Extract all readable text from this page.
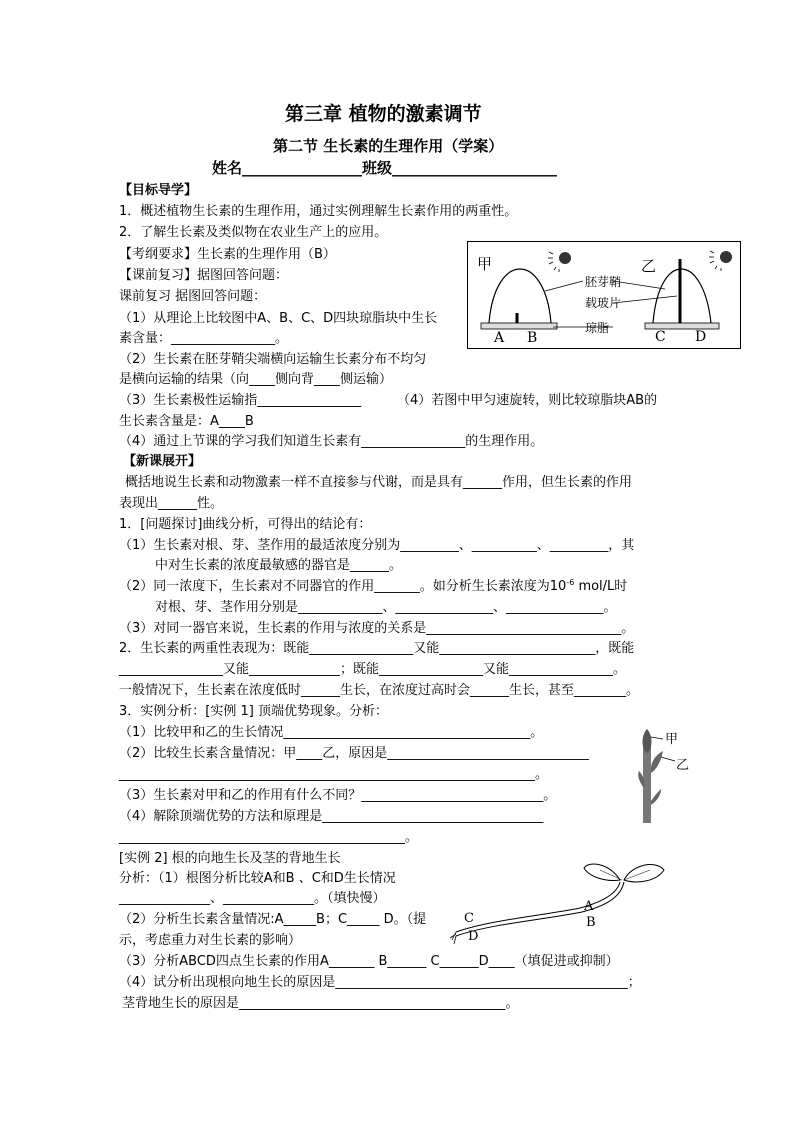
第三章 植物的激素调节
第二节 生长素的生理作用（学案）
姓名________________班级______________________
【目标导学】
1．概述植物生长素的生理作用，通过实例理解生长素作用的两重性。
2．了解生长素及类似物在农业生产上的应用。
【考纲要求】生长素的生理作用（B）
【课前复习】据图回答问题：
课前复习 据图回答问题：
（1）从理论上比较图中A、B、C、D四块琼脂块中生长
素含量：________________。
（2）生长素在胚芽鞘尖端横向运输生长素分布不均匀
是横向运输的结果（向____侧向背____侧运输）
（3）生长素极性运输指________________	（4）若图中甲匀速旋转，则比较琼脂块AB的
生长素含量是：A____B
（4）通过上节课的学习我们知道生长素有________________的生理作用。
【新课展开】
概括地说生长素和动物激素一样不直接参与代谢，而是具有______作用，但生长素的作用
表现出______性。
1．[问题探讨]曲线分析，可得出的结论有：
（1）生长素对根、芽、茎作用的最适浓度分别为_________、__________、_________，其
中对生长素的浓度最敏感的器官是______。
（2）同一浓度下，生长素对不同器官的作用_______。如分析生长素浓度为$10^{-6}$ mol/L时
对根、芽、茎作用分别是_____________、_______________、_______________。
（3）对同一器官来说，生长素的作用与浓度的关系是______________________________。
2．生长素的两重性表现为：既能________________又能________________________，既能
________________又能______________；既能________________又能________________。
一般情况下，生长素在浓度低时______生长，在浓度过高时会______生长，甚至________。
3．实例分析：[实例 1] 顶端优势现象。分析：
（1）比较甲和乙的生长情况______________________________________。
（2）比较生长素含量情况：甲____乙，原因是_______________________________
________________________________________________________________。
（3）生长素对甲和乙的作用有什么不同？____________________________。
（4）解除顶端优势的方法和原理是__________________________________
____________________________________________。
[实例 2] 根的向地生长及茎的背地生长
分析：（1）根图分析比较A和B 、C和D生长情况
______________、______________。（填快慢）
（2）分析生长素含量情况:A_____B；C_____ D。（提
示，考虑重力对生长素的影响）
（3）分析ABCD四点生长素的作用A_______ B______ C______D____（填促进或抑制）
（4）试分析出现根向地生长的原因是_____________________________________________；
茎背地生长的原因是_________________________________________。
甲	乙
胚芽鞘
载玻片
琼脂
A B	C D
甲
乙
C
D
A
B
